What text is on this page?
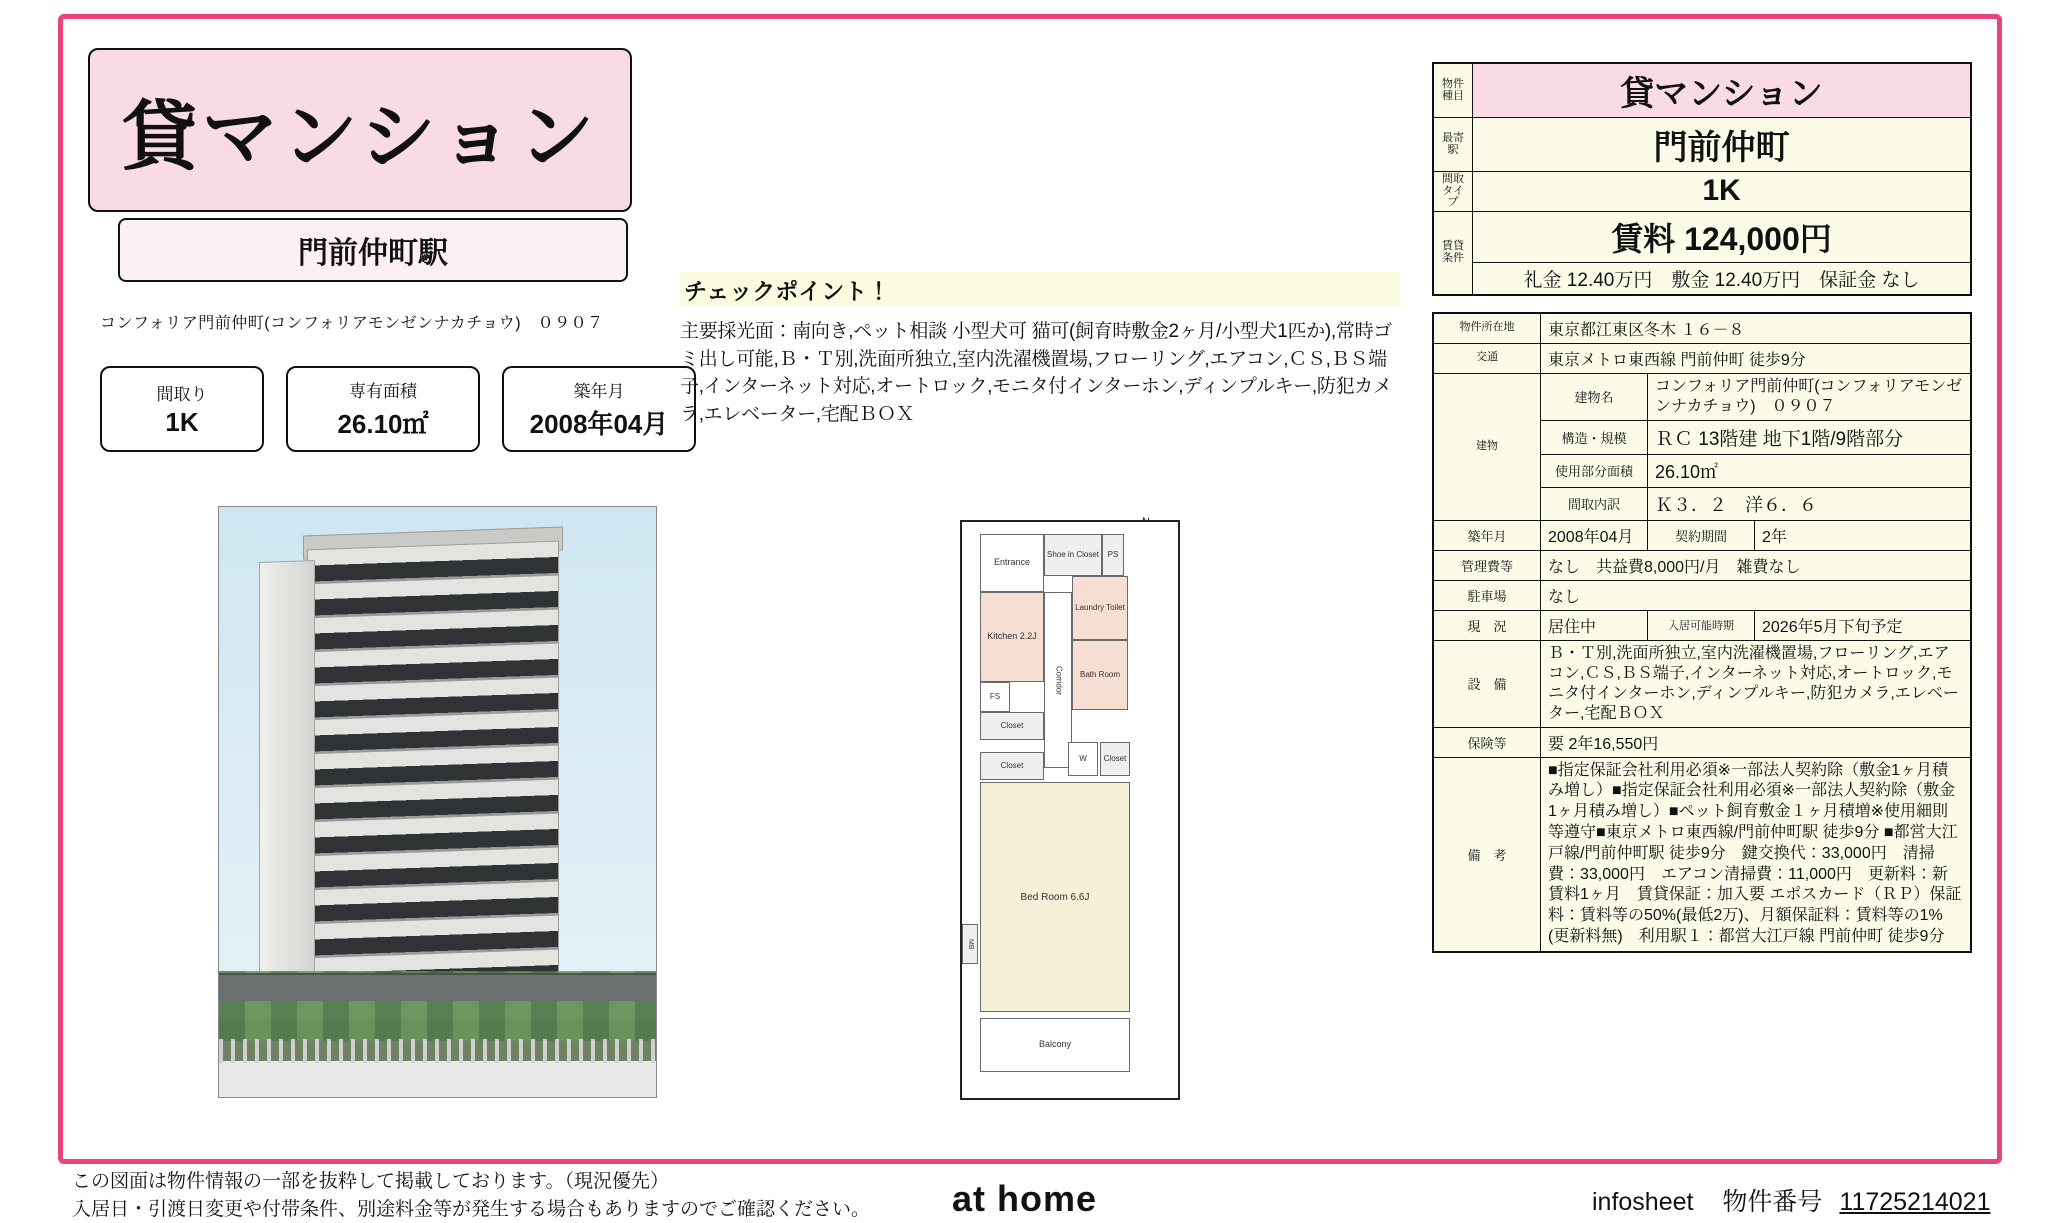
貸マンション
門前仲町駅
コンフォリア門前仲町(コンフォリアモンゼンナカチョウ)　０９０７
間取り
1K
専有面積
26.10㎡
築年月
2008年04月
チェックポイント！
主要採光面：南向き,ペット相談 小型犬可 猫可(飼育時敷金2ヶ月/小型犬1匹か),常時ゴミ出し可能,Ｂ・Ｔ別,洗面所独立,室内洗濯機置場,フローリング,エアコン,ＣＳ,ＢＳ端子,インターネット対応,オートロック,モニタ付インターホン,ディンプルキー,防犯カメラ,エレベーター,宅配ＢＯＸ
Entrance
Shoe in Closet	PS
Kitchen 2.2J
Laundry Toilet
Corridor	Bath Room
FS
Closet
Closet
Closet
W
Bed Room 6.6J
Balcony
MB
物件種目	貸マンション
最寄駅	門前仲町
間取タイプ	1K
賃貸条件	賃料 124,000円
	礼金 12.40万円　敷金 12.40万円　保証金 なし
物件所在地	東京都江東区冬木 １６－８		
交通	東京メトロ東西線 門前仲町 徒歩9分		
建物	建物名	コンフォリア門前仲町(コンフォリアモンゼンナカチョウ)　０９０７	
	構造・規模	ＲＣ 13階建 地下1階/9階部分	
	使用部分面積	26.10㎡	
	間取内訳	Ｋ３．２　洋６．６	
築年月	2008年04月	契約期間	2年
管理費等	なし　共益費8,000円/月　雑費なし		
駐車場	なし		
現　況	居住中	入居可能時期	2026年5月下旬予定
設　備	Ｂ・Ｔ別,洗面所独立,室内洗濯機置場,フローリング,エアコン,ＣＳ,ＢＳ端子,インターネット対応,オートロック,モニタ付インターホン,ディンプルキー,防犯カメラ,エレベーター,宅配ＢＯＸ		
保険等	要 2年16,550円		
備　考	■指定保証会社利用必須※一部法人契約除（敷金1ヶ月積み増し）■指定保証会社利用必須※一部法人契約除（敷金1ヶ月積み増し）■ペット飼育敷金１ヶ月積増※使用細則等遵守■東京メトロ東西線/門前仲町駅 徒歩9分 ■都営大江戸線/門前仲町駅 徒歩9分　鍵交換代：33,000円　清掃費：33,000円　エアコン清掃費：11,000円　更新料：新賃料1ヶ月　賃貸保証：加入要 エポスカード（ＲＰ）保証料：賃料等の50%(最低2万)、月額保証料：賃料等の1%(更新料無)　利用駅１：都営大江戸線 門前仲町 徒歩9分		
この図面は物件情報の一部を抜粋して掲載しております。（現況優先）
入居日・引渡日変更や付帯条件、別途料金等が発生する場合もありますのでご確認ください。	at home	infosheet 物件番号 11725214021
